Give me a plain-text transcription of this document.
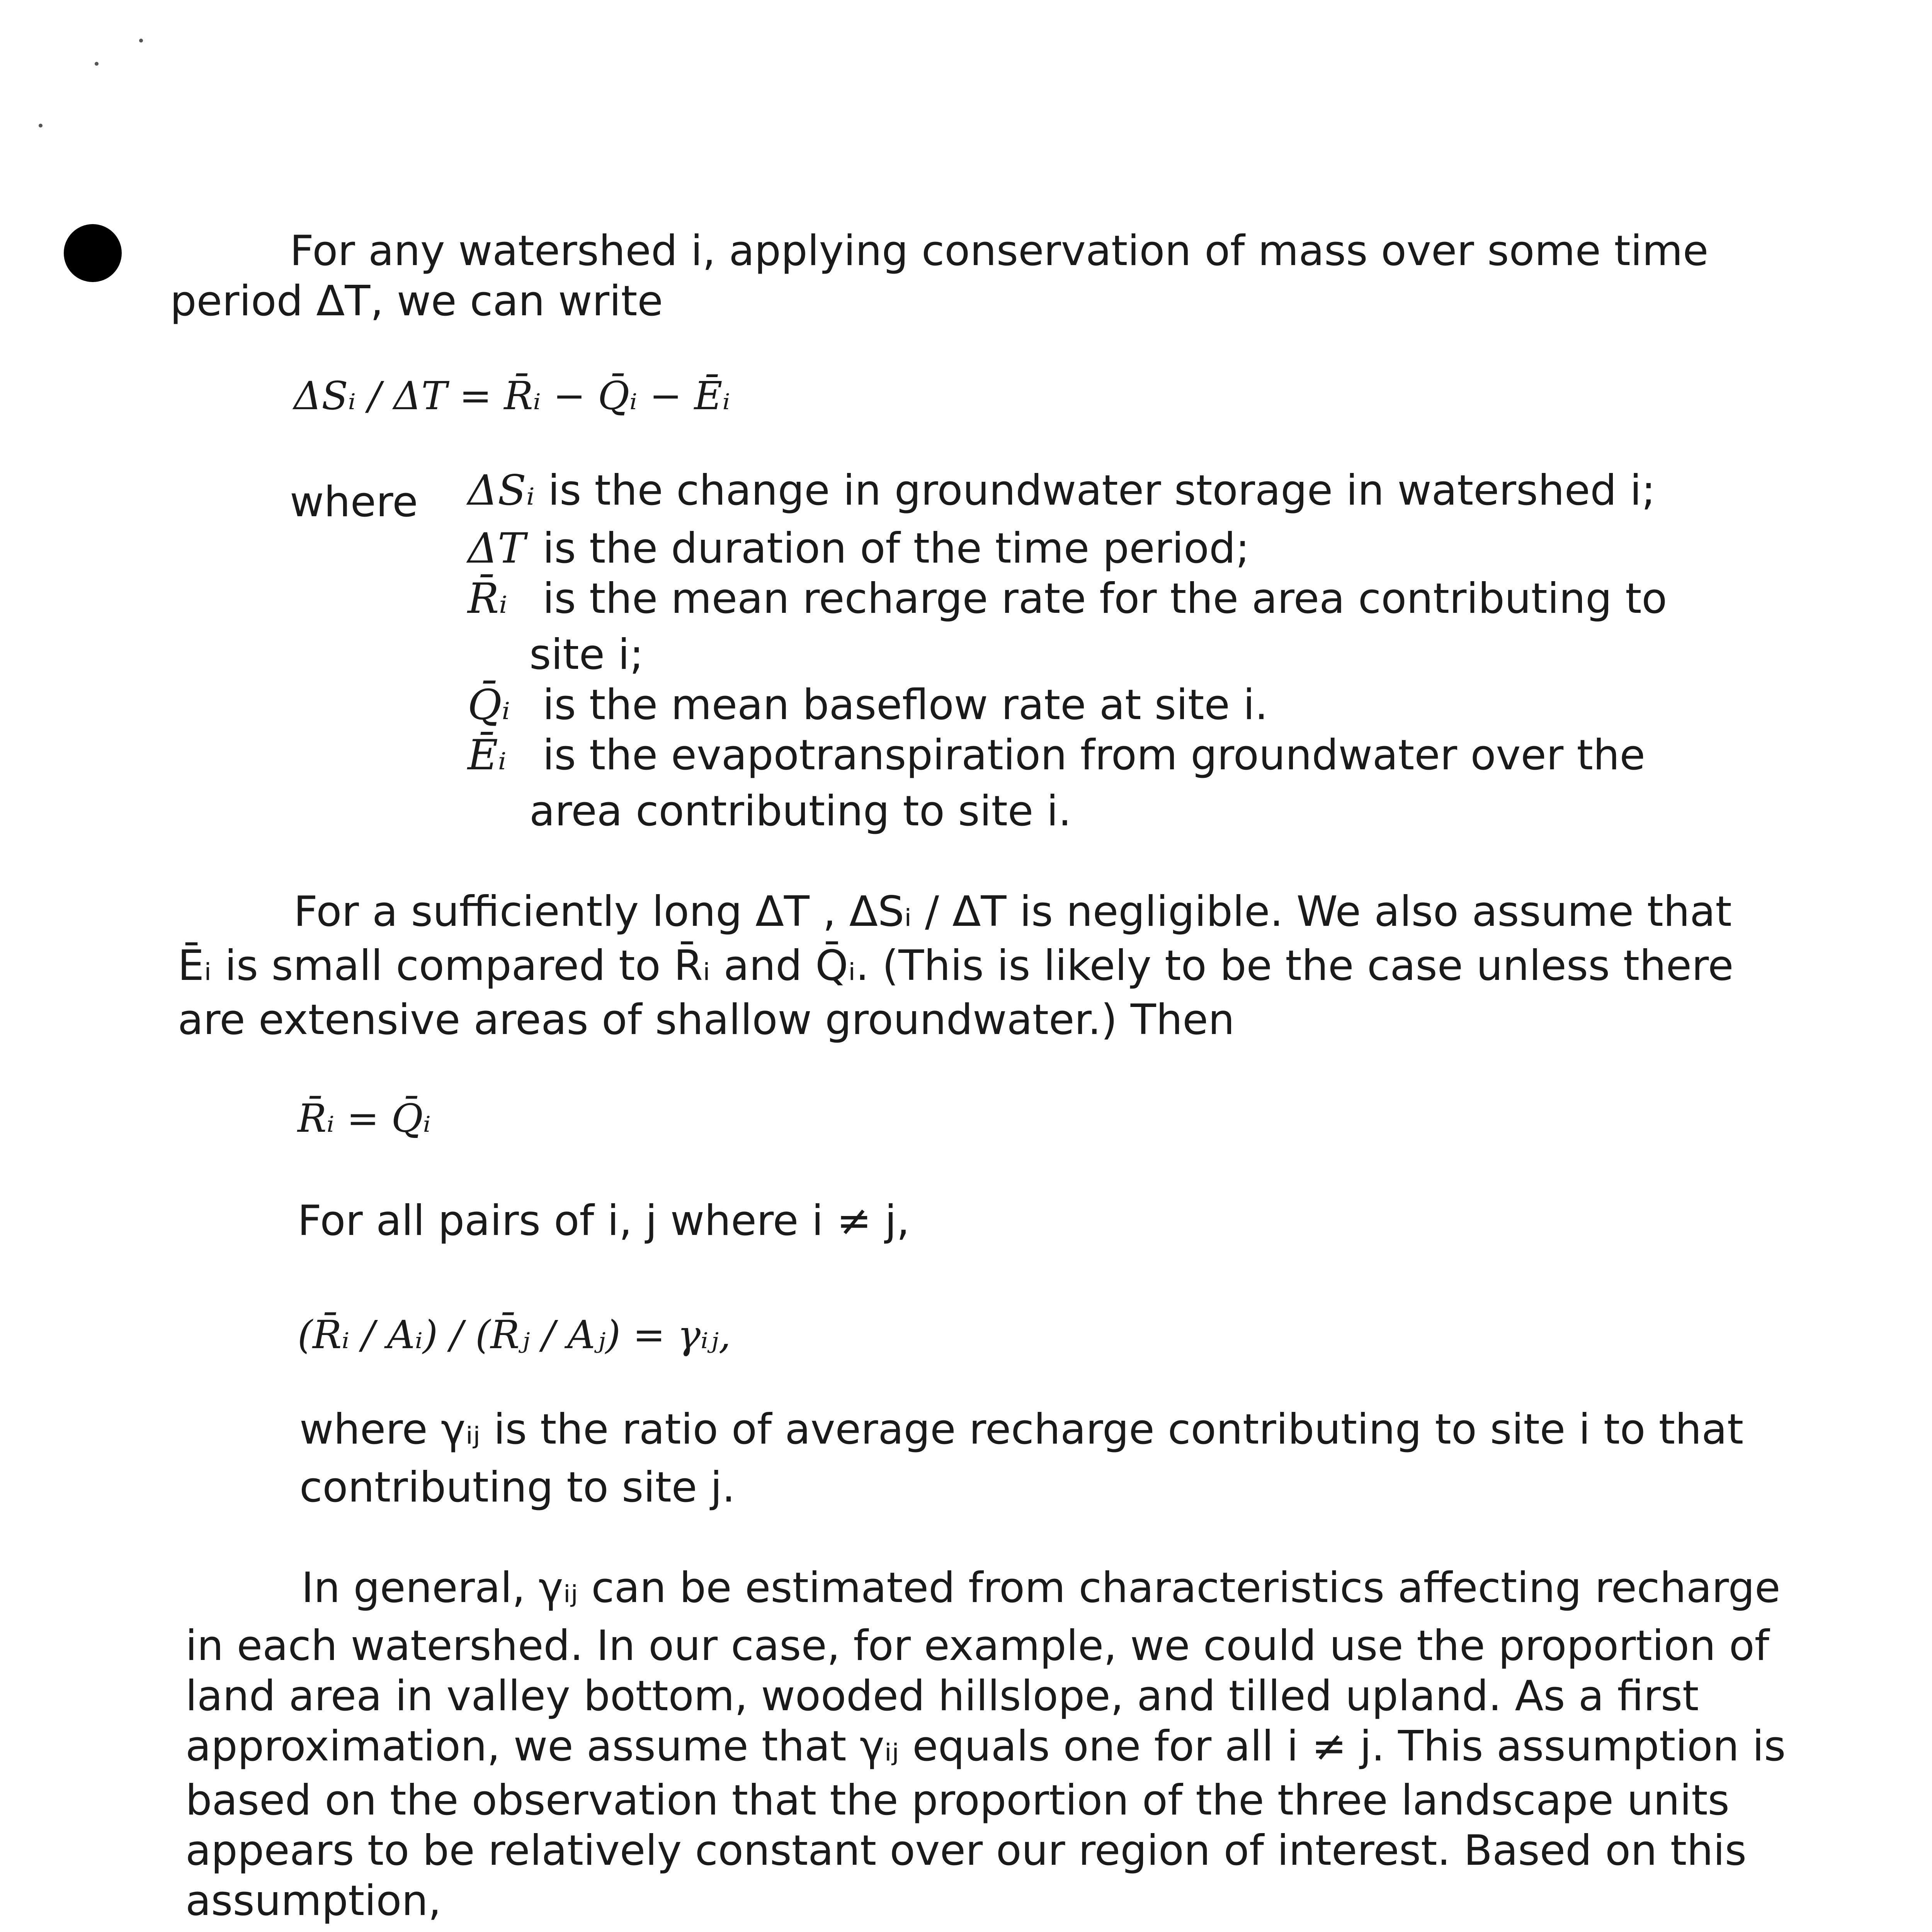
For any watershed i, applying conservation of mass over some time
period ΔT, we can write
ΔSᵢ / ΔT = R̄ᵢ − Q̄ᵢ − Ēᵢ
where ΔSᵢ is the change in groundwater storage in watershed i;
ΔT is the duration of the time period;
R̄ᵢ is the mean recharge rate for the area contributing to
site i;
Q̄ᵢ is the mean baseflow rate at site i.
Ēᵢ is the evapotranspiration from groundwater over the
area contributing to site i.
For a sufficiently long ΔT , ΔSᵢ / ΔT is negligible. We also assume that
Ēᵢ is small compared to R̄ᵢ and Q̄ᵢ. (This is likely to be the case unless there
are extensive areas of shallow groundwater.) Then
R̄ᵢ = Q̄ᵢ
For all pairs of i, j where i ≠ j,
(R̄ᵢ / Aᵢ) / (R̄ⱼ / Aⱼ) = γᵢⱼ,
where γᵢⱼ is the ratio of average recharge contributing to site i to that
contributing to site j.
In general, γᵢⱼ can be estimated from characteristics affecting recharge
in each watershed. In our case, for example, we could use the proportion of
land area in valley bottom, wooded hillslope, and tilled upland. As a first
approximation, we assume that γᵢⱼ equals one for all i ≠ j. This assumption is
based on the observation that the proportion of the three landscape units
appears to be relatively constant over our region of interest. Based on this
assumption,
